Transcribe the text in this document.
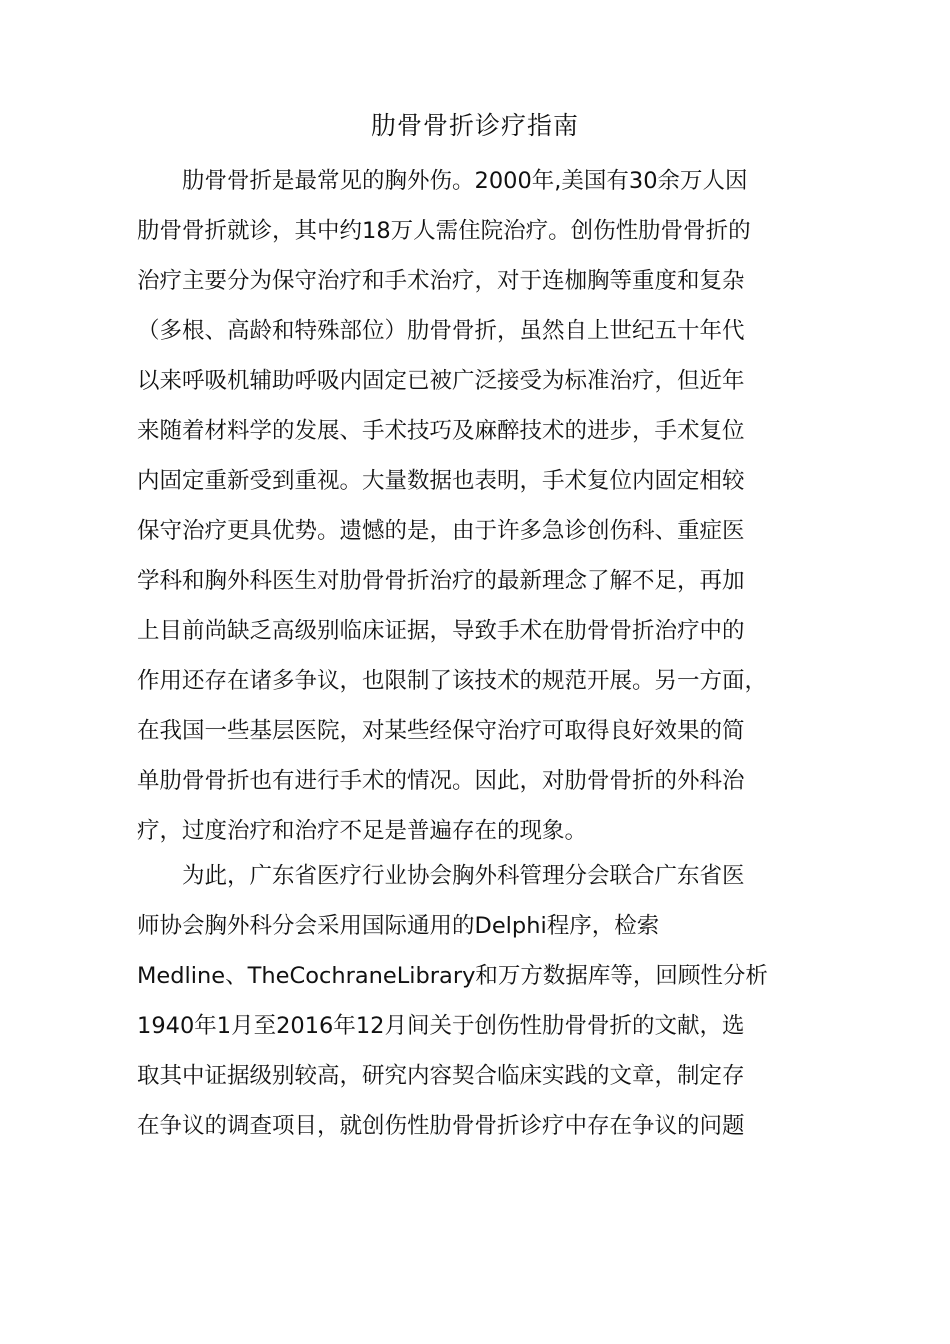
肋骨骨折诊疗指南
　　肋骨骨折是最常见的胸外伤。2000年,美国有30余万人因
肋骨骨折就诊，其中约18万人需住院治疗。创伤性肋骨骨折的
治疗主要分为保守治疗和手术治疗，对于连枷胸等重度和复杂
（多根、高龄和特殊部位）肋骨骨折，虽然自上世纪五十年代
以来呼吸机辅助呼吸内固定已被广泛接受为标准治疗，但近年
来随着材料学的发展、手术技巧及麻醉技术的进步，手术复位
内固定重新受到重视。大量数据也表明，手术复位内固定相较
保守治疗更具优势。遗憾的是，由于许多急诊创伤科、重症医
学科和胸外科医生对肋骨骨折治疗的最新理念了解不足，再加
上目前尚缺乏高级别临床证据，导致手术在肋骨骨折治疗中的
作用还存在诸多争议，也限制了该技术的规范开展。另一方面，
在我国一些基层医院，对某些经保守治疗可取得良好效果的简
单肋骨骨折也有进行手术的情况。因此，对肋骨骨折的外科治
疗，过度治疗和治疗不足是普遍存在的现象。
　　为此，广东省医疗行业协会胸外科管理分会联合广东省医
师协会胸外科分会采用国际通用的Delphi程序，检索
Medline、TheCochraneLibrary和万方数据库等，回顾性分析
1940年1月至2016年12月间关于创伤性肋骨骨折的文献，选
取其中证据级别较高，研究内容契合临床实践的文章，制定存
在争议的调查项目，就创伤性肋骨骨折诊疗中存在争议的问题
